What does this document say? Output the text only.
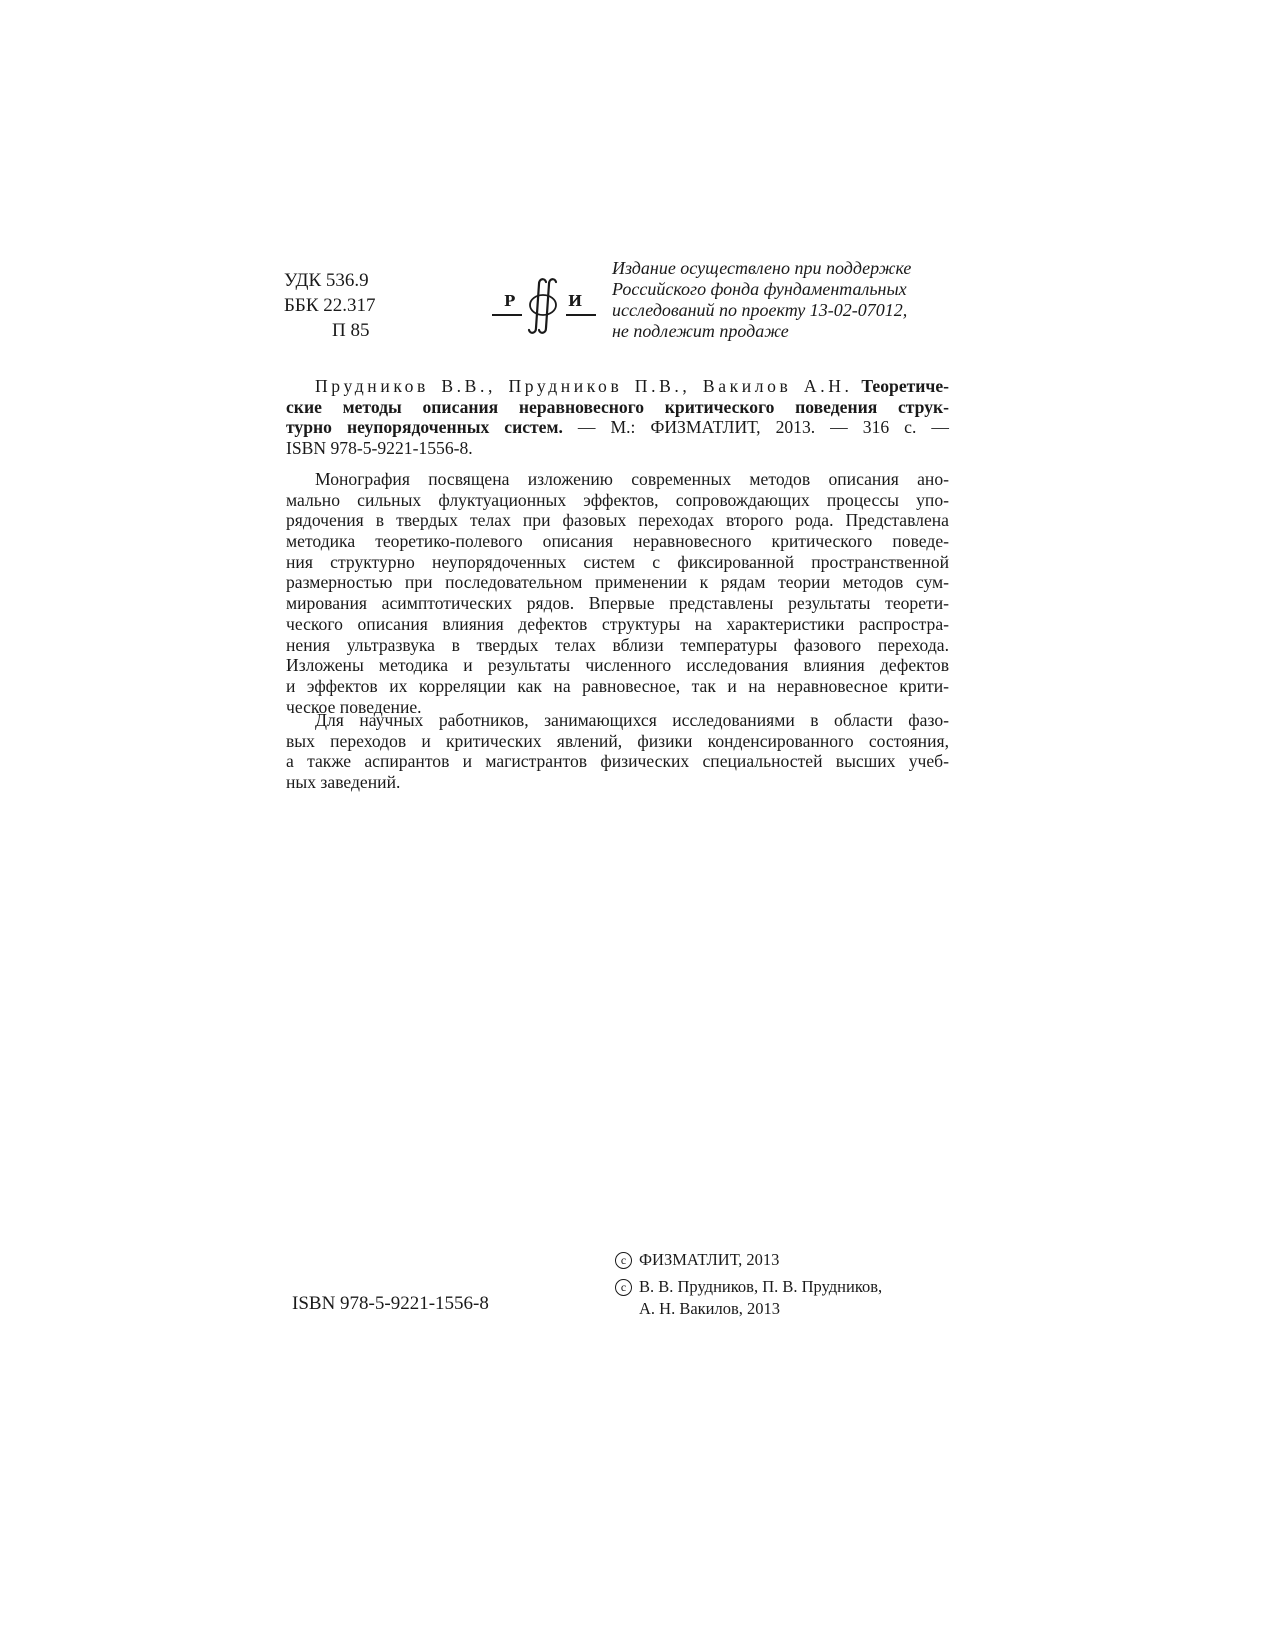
УДК 536.9
ББК 22.317
П 85
Р	И
Издание осуществлено при поддержке
Российского фонда фундаментальных
исследований по проекту 13-02-07012,
не подлежит продаже
Прудников В.В., Прудников П.В., Вакилов А.Н. Теоретиче-
ские методы описания неравновесного критического поведения струк-
турно неупорядоченных систем. — М.: ФИЗМАТЛИТ, 2013. — 316 с. —
ISBN 978-5-9221-1556-8.
Монография посвящена изложению современных методов описания ано-
мально сильных флуктуационных эффектов, сопровождающих процессы упо-
рядочения в твердых телах при фазовых переходах второго рода. Представлена
методика теоретико-полевого описания неравновесного критического поведе-
ния структурно неупорядоченных систем с фиксированной пространственной
размерностью при последовательном применении к рядам теории методов сум-
мирования асимптотических рядов. Впервые представлены результаты теорети-
ческого описания влияния дефектов структуры на характеристики распростра-
нения ультразвука в твердых телах вблизи температуры фазового перехода.
Изложены методика и результаты численного исследования влияния дефектов
и эффектов их корреляции как на равновесное, так и на неравновесное крити-
ческое поведение.
Для научных работников, занимающихся исследованиями в области фазо-
вых переходов и критических явлений, физики конденсированного состояния,
а также аспирантов и магистрантов физических специальностей высших учеб-
ных заведений.
ISBN 978-5-9221-1556-8
c ФИЗМАТЛИТ, 2013
c В. В. Прудников, П. В. Прудников,
А. Н. Вакилов, 2013
